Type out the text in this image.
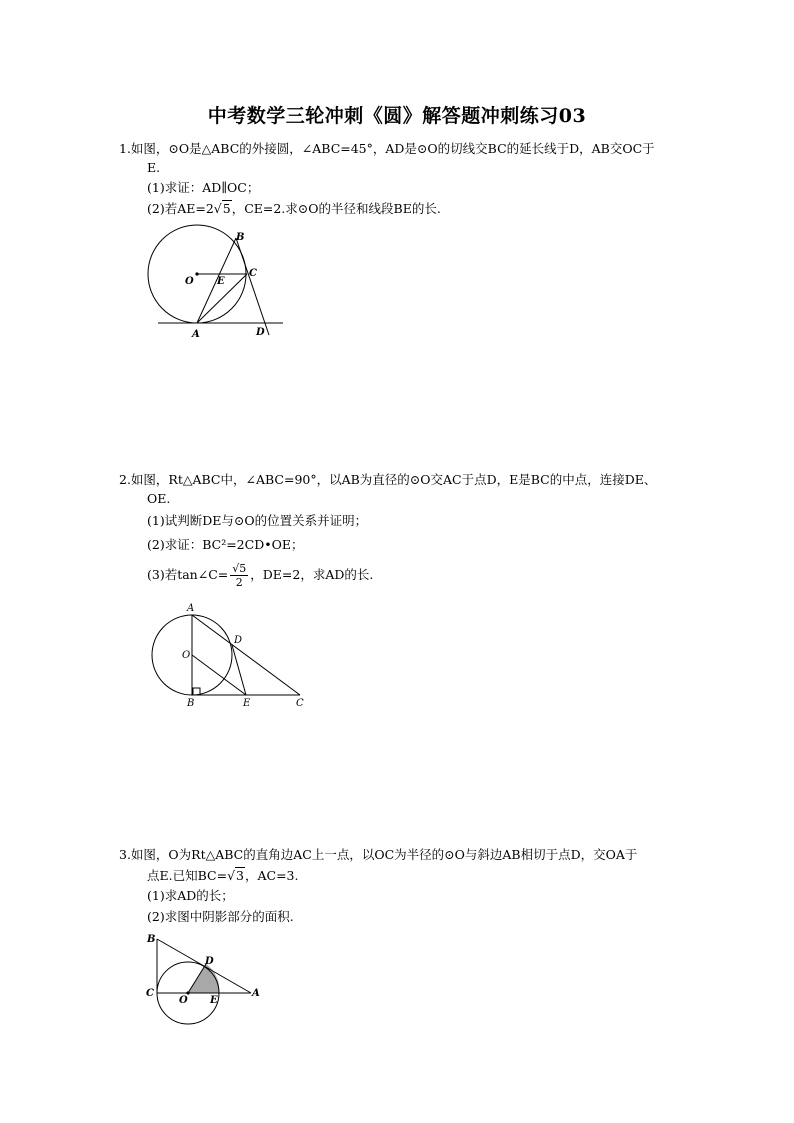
中考数学三轮冲刺《圆》解答题冲刺练习03
1.如图，⊙O是△ABC的外接圆，∠ABC=45°，AD是⊙O的切线交BC的延长线于D，AB交OC于
E.
(1)求证：AD∥OC；
(2)若AE=2√5，CE=2.求⊙O的半径和线段BE的长.
B
O E
C
A	D
2.如图，Rt△ABC中，∠ABC=90°，以AB为直径的⊙O交AC于点D，E是BC的中点，连接DE、
OE.
(1)试判断DE与⊙O的位置关系并证明；
(2)求证：BC²=2CD•OE；
(3)若tan∠C= $\frac{√5}{2}$ ，DE=2，求AD的长.
A
D
O
B	E	C
3.如图，O为Rt△ABC的直角边AC上一点，以OC为半径的⊙O与斜边AB相切于点D，交OA于
点E.已知BC=√3，AC=3.
(1)求AD的长；
(2)求图中阴影部分的面积.
B
D
C
O E
A
